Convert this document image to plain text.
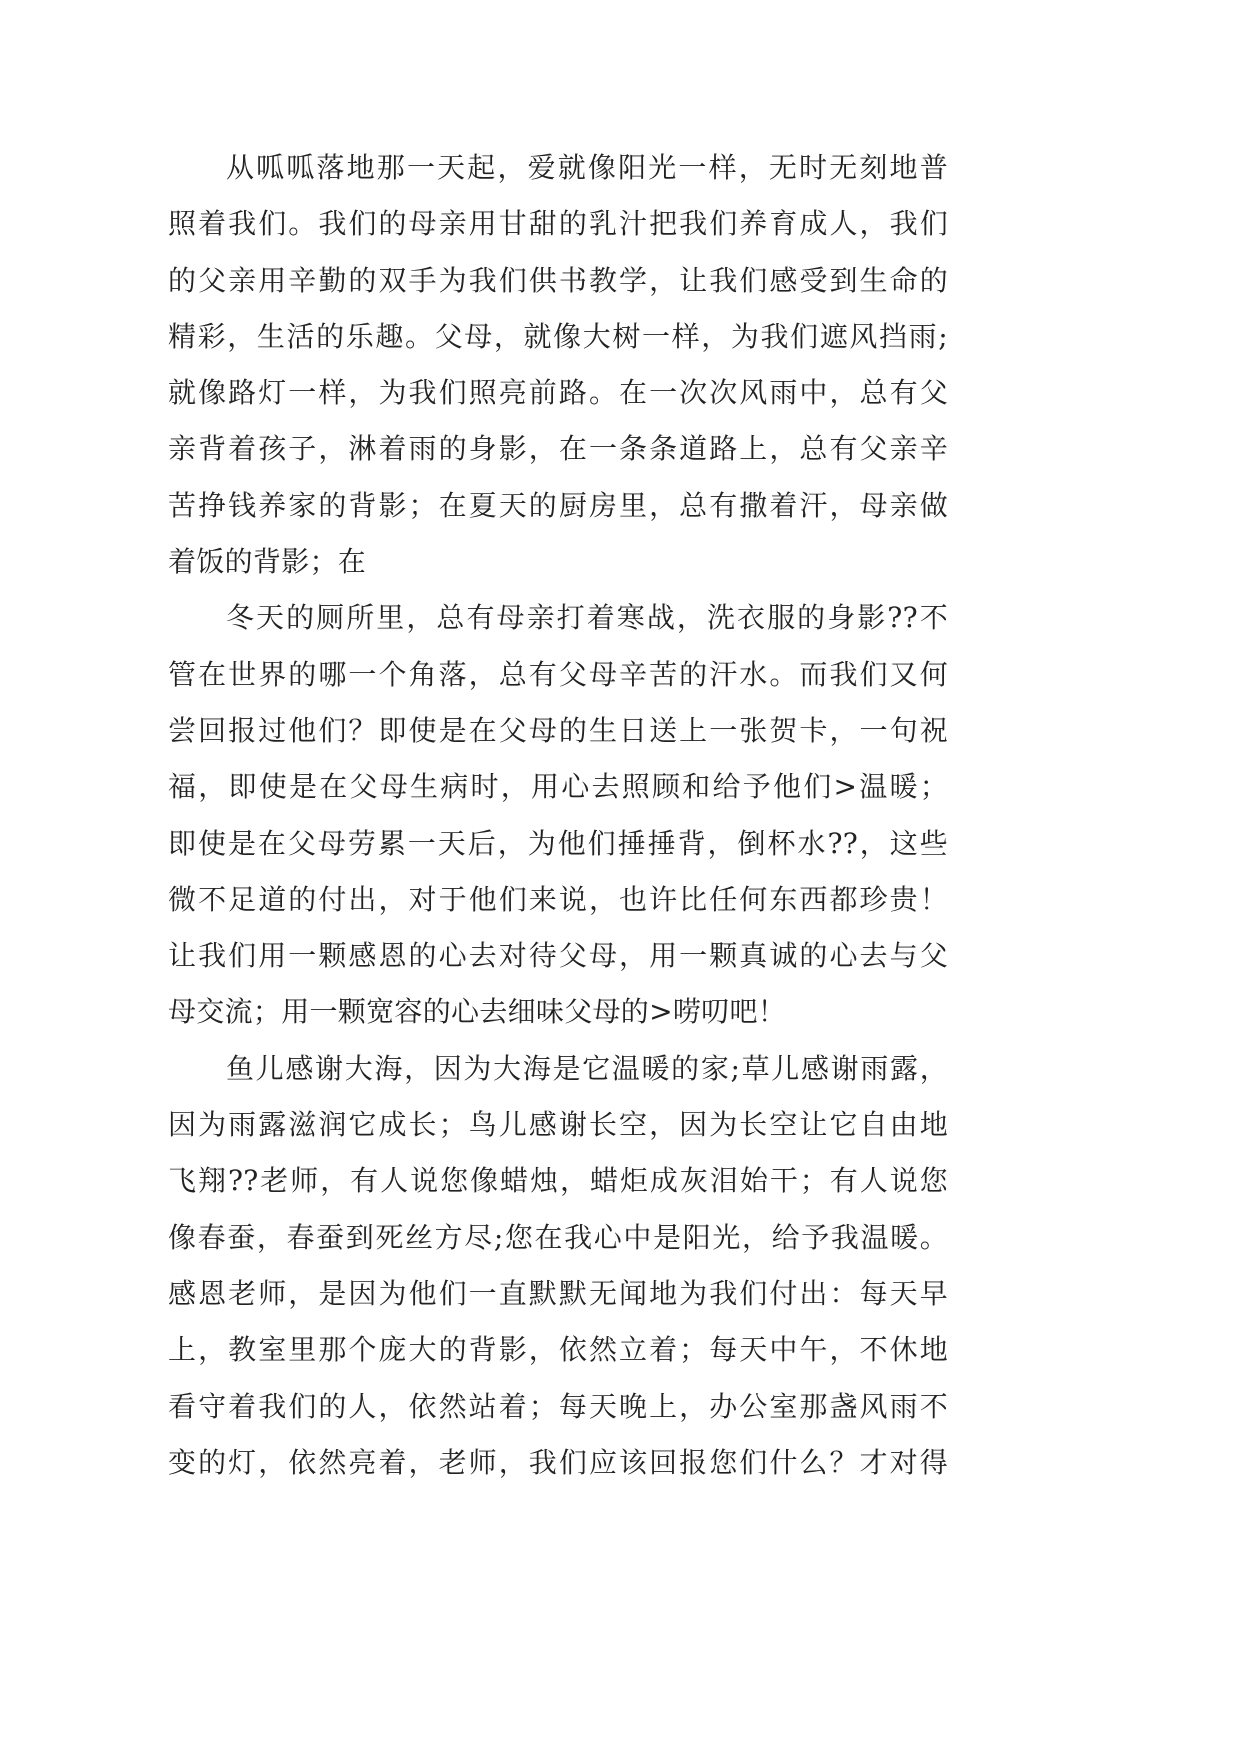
从呱呱落地那一天起，爱就像阳光一样，无时无刻地普
照着我们。我们的母亲用甘甜的乳汁把我们养育成人，我们
的父亲用辛勤的双手为我们供书教学，让我们感受到生命的
精彩，生活的乐趣。父母，就像大树一样，为我们遮风挡雨;
就像路灯一样，为我们照亮前路。在一次次风雨中，总有父
亲背着孩子，淋着雨的身影，在一条条道路上，总有父亲辛
苦挣钱养家的背影；在夏天的厨房里，总有撒着汗，母亲做
着饭的背影；在
冬天的厕所里，总有母亲打着寒战，洗衣服的身影??不
管在世界的哪一个角落，总有父母辛苦的汗水。而我们又何
尝回报过他们？即使是在父母的生日送上一张贺卡，一句祝
福，即使是在父母生病时，用心去照顾和给予他们>温暖；
即使是在父母劳累一天后，为他们捶捶背，倒杯水??，这些
微不足道的付出，对于他们来说，也许比任何东西都珍贵！
让我们用一颗感恩的心去对待父母，用一颗真诚的心去与父
母交流；用一颗宽容的心去细味父母的>唠叨吧！
鱼儿感谢大海，因为大海是它温暖的家;草儿感谢雨露，
因为雨露滋润它成长；鸟儿感谢长空，因为长空让它自由地
飞翔??老师，有人说您像蜡烛，蜡炬成灰泪始干；有人说您
像春蚕，春蚕到死丝方尽;您在我心中是阳光，给予我温暖。
感恩老师，是因为他们一直默默无闻地为我们付出：每天早
上，教室里那个庞大的背影，依然立着；每天中午，不休地
看守着我们的人，依然站着；每天晚上，办公室那盏风雨不
变的灯，依然亮着，老师，我们应该回报您们什么？才对得
